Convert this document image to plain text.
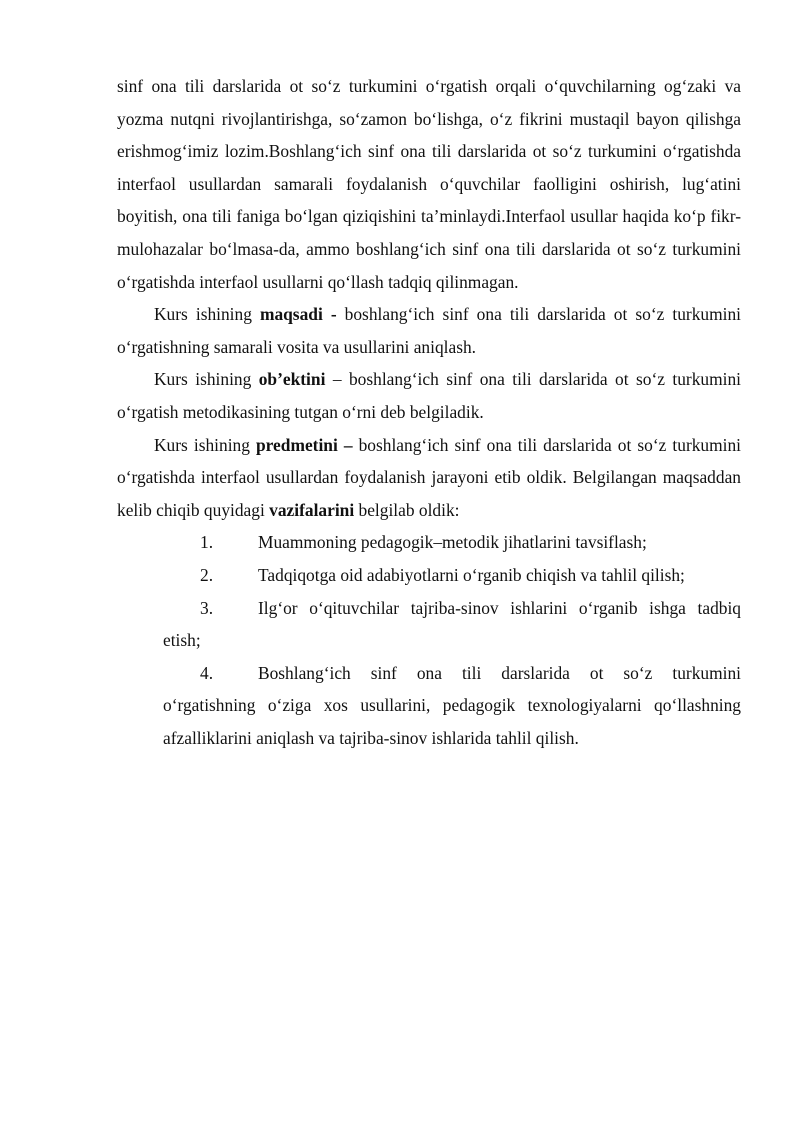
sinf ona tili darslarida ot so‘z turkumini o‘rgatish orqali o‘quvchilarning og‘zaki va yozma nutqni rivojlantirishga, so‘zamon bo‘lishga, o‘z fikrini mustaqil bayon qilishga erishmog‘imiz lozim.Boshlang‘ich sinf ona tili darslarida ot so‘z turkumini o‘rgatishda interfaol usullardan samarali foydalanish o‘quvchilar faolligini oshirish, lug‘atini boyitish, ona tili faniga bo‘lgan qiziqishini ta’minlaydi.Interfaol usullar haqida ko‘p fikr-mulohazalar bo‘lmasa-da, ammo boshlang‘ich sinf ona tili darslarida ot so‘z turkumini o‘rgatishda interfaol usullarni qo‘llash tadqiq qilinmagan.

Kurs ishining maqsadi - boshlang‘ich sinf ona tili darslarida ot so‘z turkumini o‘rgatishning samarali vosita va usullarini aniqlash.

Kurs ishining ob’ektini – boshlang‘ich sinf ona tili darslarida ot so‘z turkumini o‘rgatish metodikasining tutgan o‘rni deb belgiladik.

Kurs ishining predmetini – boshlang‘ich sinf ona tili darslarida ot so‘z turkumini o‘rgatishda interfaol usullardan foydalanish jarayoni etib oldik. Belgilangan maqsaddan kelib chiqib quyidagi vazifalarini belgilab oldik:

1.	Muammoning pedagogik–metodik jihatlarini tavsiflash;
2.	Tadqiqotga oid adabiyotlarni o‘rganib chiqish va tahlil qilish;
3.	Ilg‘or o‘qituvchilar tajriba-sinov ishlarini o‘rganib ishga tadbiq
etish;
4.	Boshlang‘ich sinf ona tili darslarida ot so‘z turkumini
o‘rgatishning o‘ziga xos usullarini, pedagogik texnologiyalarni qo‘llashning afzalliklarini aniqlash va tajriba-sinov ishlarida tahlil qilish.
